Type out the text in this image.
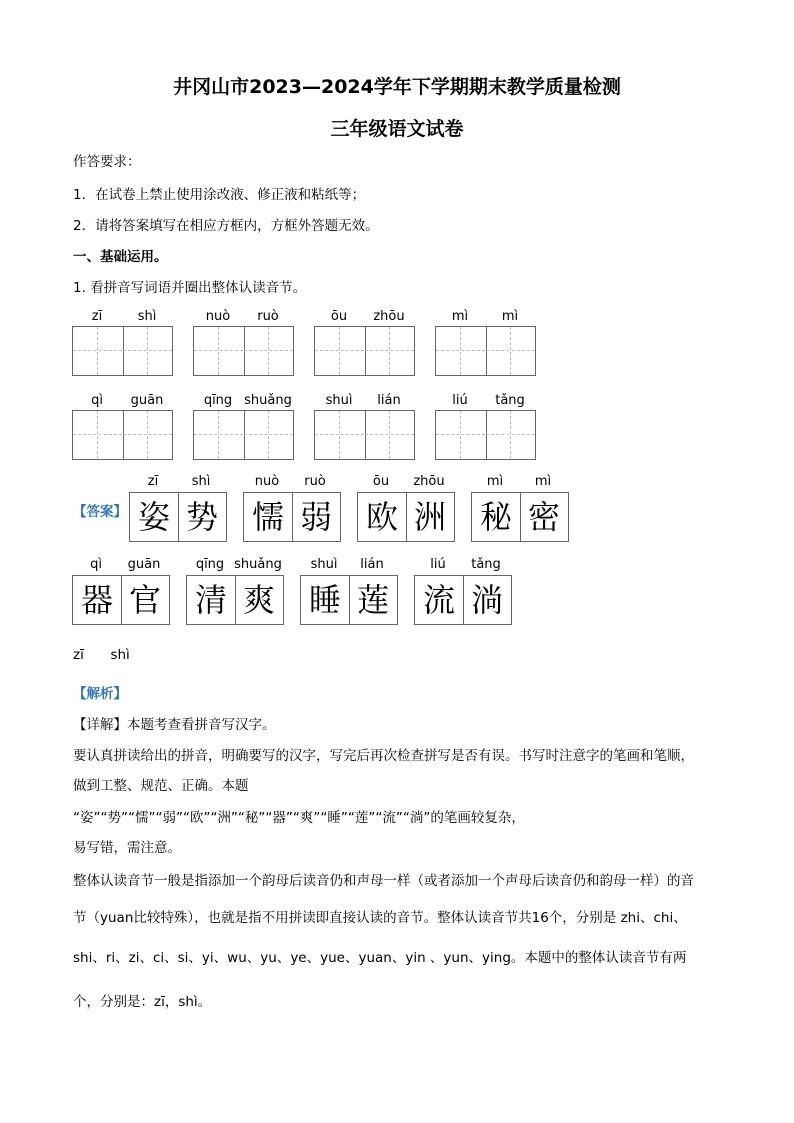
井冈山市2023—2024学年下学期期末教学质量检测
三年级语文试卷
作答要求：
1．在试卷上禁止使用涂改液、修正液和粘纸等；
2．请将答案填写在相应方框内，方框外答题无效。
一、基础运用。
1. 看拼音写词语并圈出整体认读音节。
zī	shì	nuò	ruò	ōu	zhōu	mì	mì
qì	guān	qīng shuǎng	shuì	lián	liú	tǎng
【答案】
zī	shì
姿 势
nuò	ruò
懦 弱
ōu	zhōu
欧 洲
mì	mì
秘 密
qì	guān
器 官
qīng shuǎng
清 爽
shuì	lián
睡 莲
liú	tǎng
流 淌
zī shì
【解析】
【详解】本题考查看拼音写汉字。
要认真拼读给出的拼音，明确要写的汉字，写完后再次检查拼写是否有误。书写时注意字的笔画和笔顺，
做到工整、规范、正确。本题
“姿”“势”“懦”“弱”“欧”“洲”“秘”“器”“爽”“睡”“莲”“流”“淌”的笔画较复杂，
易写错，需注意。
整体认读音节一般是指添加一个韵母后读音仍和声母一样（或者添加一个声母后读音仍和韵母一样）的音
节（yuan比较特殊），也就是指不用拼读即直接认读的音节。整体认读音节共16个，分别是 zhi、chi、
shi、ri、zi、ci、si、yi、wu、yu、ye、yue、yuan、yin 、yun、ying。本题中的整体认读音节有两
个，分别是：zī，shì。
